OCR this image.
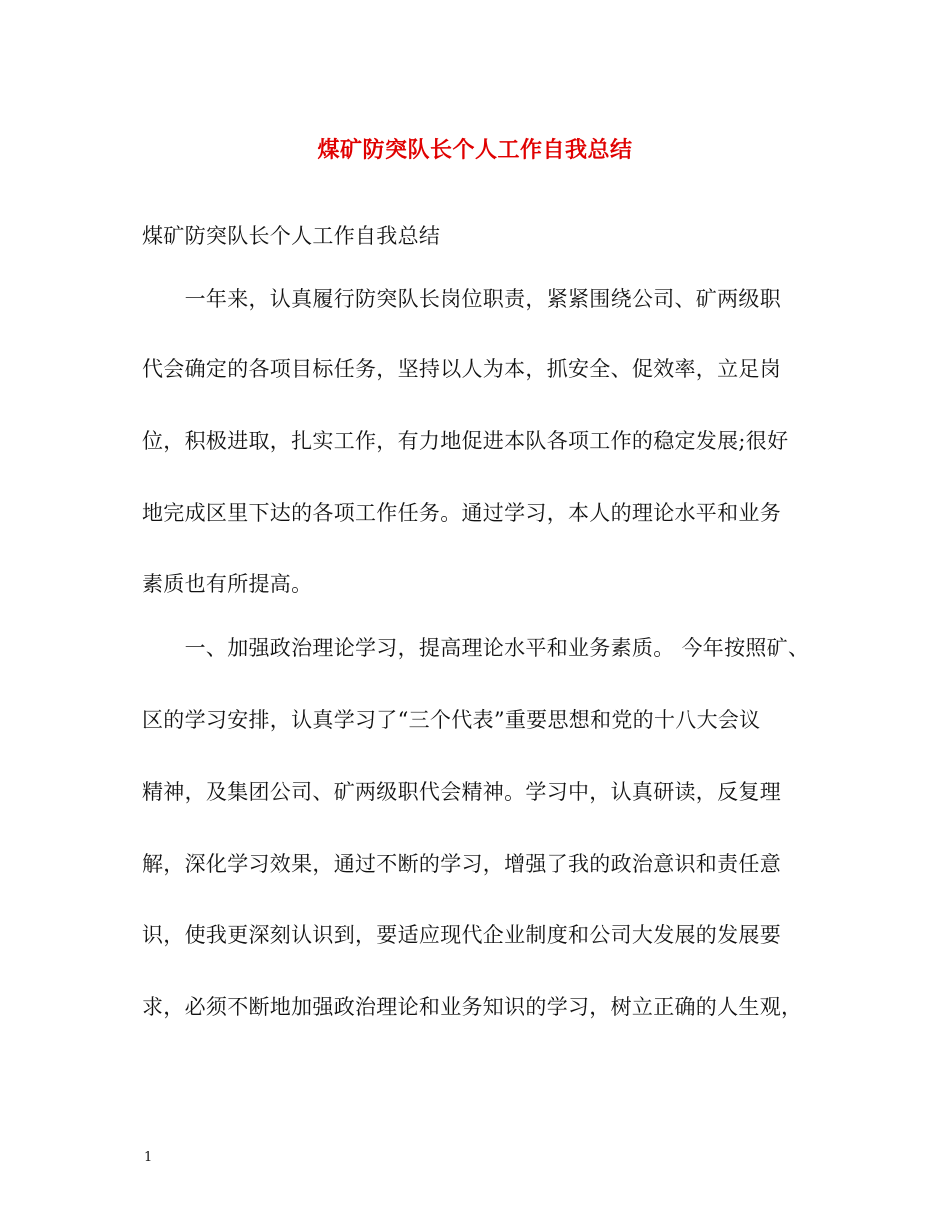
煤矿防突队长个人工作自我总结
煤矿防突队长个人工作自我总结
　　一年来，认真履行防突队长岗位职责，紧紧围绕公司、矿两级职
代会确定的各项目标任务，坚持以人为本，抓安全、促效率，立足岗
位，积极进取，扎实工作，有力地促进本队各项工作的稳定发展;很好
地完成区里下达的各项工作任务。通过学习，本人的理论水平和业务
素质也有所提高。
　　一、加强政治理论学习，提高理论水平和业务素质。 今年按照矿、
区的学习安排，认真学习了“三个代表”重要思想和党的十八大会议
精神，及集团公司、矿两级职代会精神。学习中，认真研读，反复理
解，深化学习效果，通过不断的学习，增强了我的政治意识和责任意
识，使我更深刻认识到，要适应现代企业制度和公司大发展的发展要
求，必须不断地加强政治理论和业务知识的学习，树立正确的人生观，
1
